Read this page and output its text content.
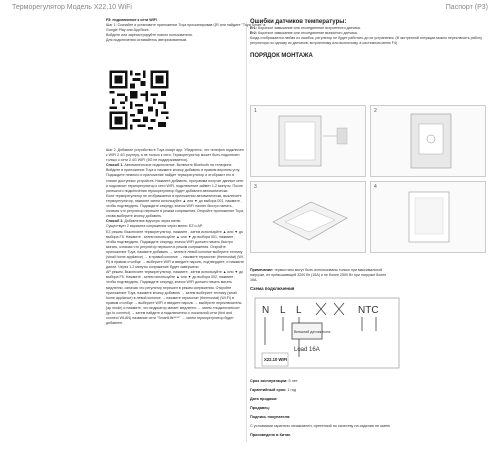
Терморегулятор Модель X22.10 WiFi	Паспорт (P3)

F5: подключение к сети WIFI

Шаг 1: Скачайте и установите приложение Tuya просканировав QR или найдите "Tuya Smart" в Google Play или AppStore.

Войдите или зарегистрируйте нового пользователя.

Для подключения оставайтесь авторизованным.

Шаг 2. Добавьте устройство в Tuya смарт app. Убедитесь, что телефон подключен к WIFI 2.4G роутеру, а не только к сети. Терморегулятор может быть подключен только к сети 2.4G WIFI (5G не поддерживается).

Способ 1. Автоматическое подключение. Включите Bluetooth на телефоне. Войдите в приложение Tuya и нажмите кнопку добавить в правом верхнем углу. Подождите немного и приложение найдет терморегулятор и отобразит его в списке доступных устройств. Нажмите добавить, программа получит данные сети и подключит терморегулятор к сети WIFI, подключение займет 1-2 минуты. После успешного подключения терморегулятор будет добавлен автоматически.

Если терморегулятор не отображается в приложении автоматически, выключите терморегулятор, нажмите затем используйте ▲ или ▼ до выбора 001, нажмите , чтобы подтвердить. Подождите секунду, значок WIFI начнет быстро мигать, означая что регулятор перешел в режим сопряжения. Откройте приложение Tuya, снова выберите кнопку добавить.

Способ 2. Добавление вручную через меню.

Существует 2 варианта сопряжения через меню: EZ и AP.

EZ режим. Выключите терморегулятор, нажмите , затем используйте ▲ или ▼ до выбора F5. Нажмите , затем используйте ▲ или ▼ до выбора 001, нажмите , чтобы подтвердить. Подождите секунду, значок WIFI должен начать быстро мигать, означая что регулятор перешел в режим сопряжения. Откройте приложение Tuya, нажмите добавить → затем в левой колонке выберите технику (small home appliance) → в правой колонке → нажмите термостат (thermostat) (Wi-Fi) в правом столбце → выберите WIFI и введите пароль, подтвердите, и нажмите далее. Через 1-2 минуты сопряжение будет завершено.

AP режим. Выключите терморегулятор, нажмите , затем используйте ▲ или ▼ до выбора F5. Нажмите , затем используйте ▲ или ▼ до выбора 002, нажмите , чтобы подтвердить. Подождите секунду, значок WIFI должен начать мигать медленно, означая что регулятор перешел в режим сопряжения. Откройте приложение Tuya, нажмите кнопку добавить → затем выберите технику (small home appliance) в левой колонке → нажмите термостат (thermostat) (Wi-Fi) в правом столбце → выберите WIFI и введите пароль → выберите переключатель (ap mode) и нажмите, что индикатор мигает медленно → затем «подключиться» (go to connect) → затем найдите и подключитесь к локальной сети (find and connect WLAN) название сети "SmartLife****" → затем терморегулятор будет добавлен.

Ошибки датчиков температуры:

Er1: Короткое замыкание или отсоединение встроенного датчика.

Er2: Короткое замыкание или отсоединение выносного датчика.

Когда отображается любая из ошибок, регулятор не будет работать до их устранения. (В экстренной ситуации можно переключить работу регулятора по одному из датчиков, встроенному или выносному, в системном меню F4)

ПОРЯДОК МОНТАЖА

1	2
3	4

Примечание: термостаты могут быть использованы только при максимальной нагрузке, не превышающей 3200 Вт (16А) и не более 2500 Вт при нагрузке более 16А.

Схема подключения

N L L	NTC
Внешний датчик пола
Load 16A
X22.10 WIFI

Срок эксплуатации: 5 лет

Гарантийный срок: 1 год

Дата продажи:

Продавец:

Подпись покупателя:

С условиями гарантии ознакомлен, претензий по качеству на изделия не имею

Произведено в Китае.
